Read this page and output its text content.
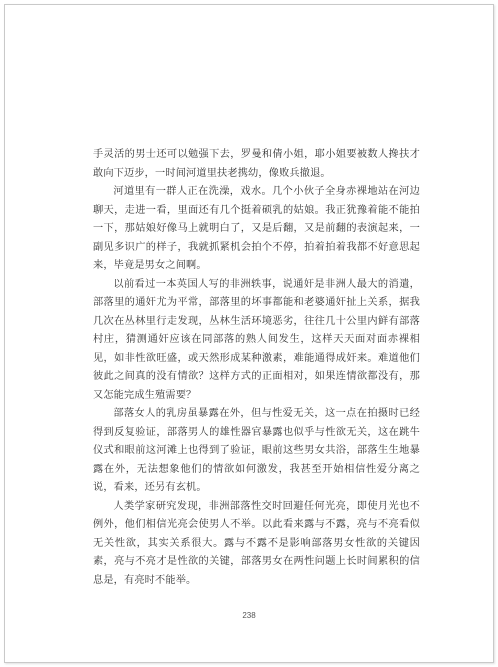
手灵活的男士还可以勉强下去，罗曼和倩小姐，耶小姐要被数人搀扶才敢向下迈步，一时间河道里扶老携幼，像败兵撤退。

河道里有一群人正在洗澡，戏水。几个小伙子全身赤裸地站在河边聊天，走进一看，里面还有几个挺着硕乳的姑娘。我正犹豫着能不能拍一下，那姑娘好像马上就明白了，又是后翻，又是前翻的表演起来，一副见多识广的样子，我就抓紧机会拍个不停，拍着拍着我都不好意思起来，毕竟是男女之间啊。

以前看过一本英国人写的非洲轶事，说通奸是非洲人最大的消遣，部落里的通奸尤为平常，部落里的坏事都能和老婆通奸扯上关系，据我几次在丛林里行走发现，丛林生活环境恶劣，往往几十公里内鲜有部落村庄，猜测通奸应该在同部落的熟人间发生，这样天天面对面赤裸相见，如非性欲旺盛，或天然形成某种激素，难能通得成奸来。难道他们彼此之间真的没有情欲？这样方式的正面相对，如果连情欲都没有，那又怎能完成生殖需要？

部落女人的乳房虽暴露在外，但与性爱无关，这一点在拍摄时已经得到反复验证，部落男人的雄性器官暴露也似乎与性欲无关，这在跳牛仪式和眼前这河滩上也得到了验证，眼前这些男女共浴，部落生生地暴露在外，无法想象他们的情欲如何激发，我甚至开始相信性爱分离之说，看来，还另有玄机。

人类学家研究发现，非洲部落性交时回避任何光亮，即使月光也不例外，他们相信光亮会使男人不举。以此看来露与不露，亮与不亮看似无关性欲，其实关系很大。露与不露不是影响部落男女性欲的关键因素，亮与不亮才是性欲的关键，部落男女在两性问题上长时间累积的信息是，有亮时不能举。

238
